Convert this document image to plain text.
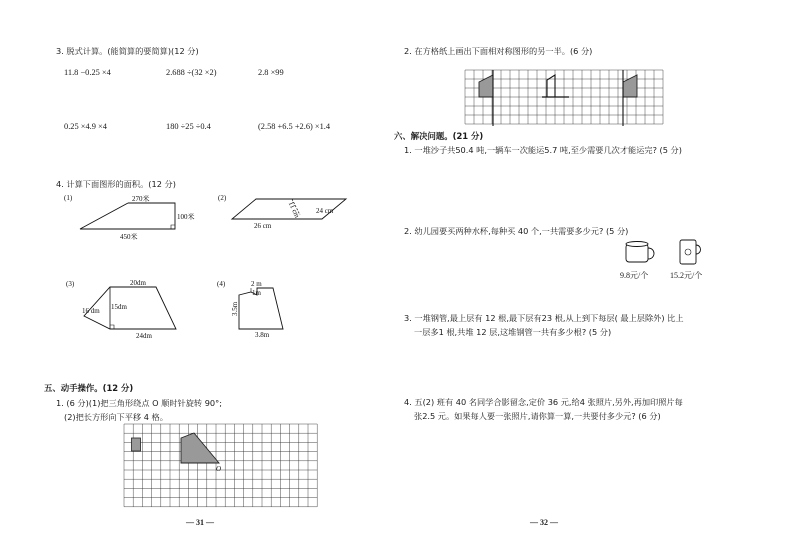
3. 脱式计算。(能简算的要简算)(12 分)
11.8 −0.25 ×4	2.688 ÷(32 ×2)	2.8 ×99
0.25 ×4.9 ×4	180 ÷25 ÷0.4	(2.58 +6.5 +2.6) ×1.4
4. 计算下面图形的面积。(12 分)
(1)	270米
100米
450米
(2)
11 cm
26 cm
24 cm
(3)	20dm
15dm
16 dm
24dm
(4)	2 m
1m
3.5m
3.8m
五、动手操作。(12 分)
1. (6 分)(1)把三角形绕点 O 顺时针旋转 90°;
(2)把长方形向下平移 4 格。
O
— 31 —
2. 在方格纸上画出下面相对称图形的另一半。(6 分)
六、解决问题。(21 分)
1. 一堆沙子共50.4 吨,一辆车一次能运5.7 吨,至少需要几次才能运完? (5 分)
2. 幼儿园要买两种水杯,每种买 40 个,一共需要多少元? (5 分)
9.8元/个	15.2元/个
3. 一堆钢管,最上层有 12 根,最下层有23 根,从上到下每层( 最上层除外) 比上
一层多1 根,共堆 12 层,这堆钢管一共有多少根? (5 分)
4. 五(2) 班有 40 名同学合影留念,定价 36 元,给4 张照片,另外,再加印照片每
张2.5 元。如果每人要一张照片,请你算一算,一共要付多少元? (6 分)
— 32 —
